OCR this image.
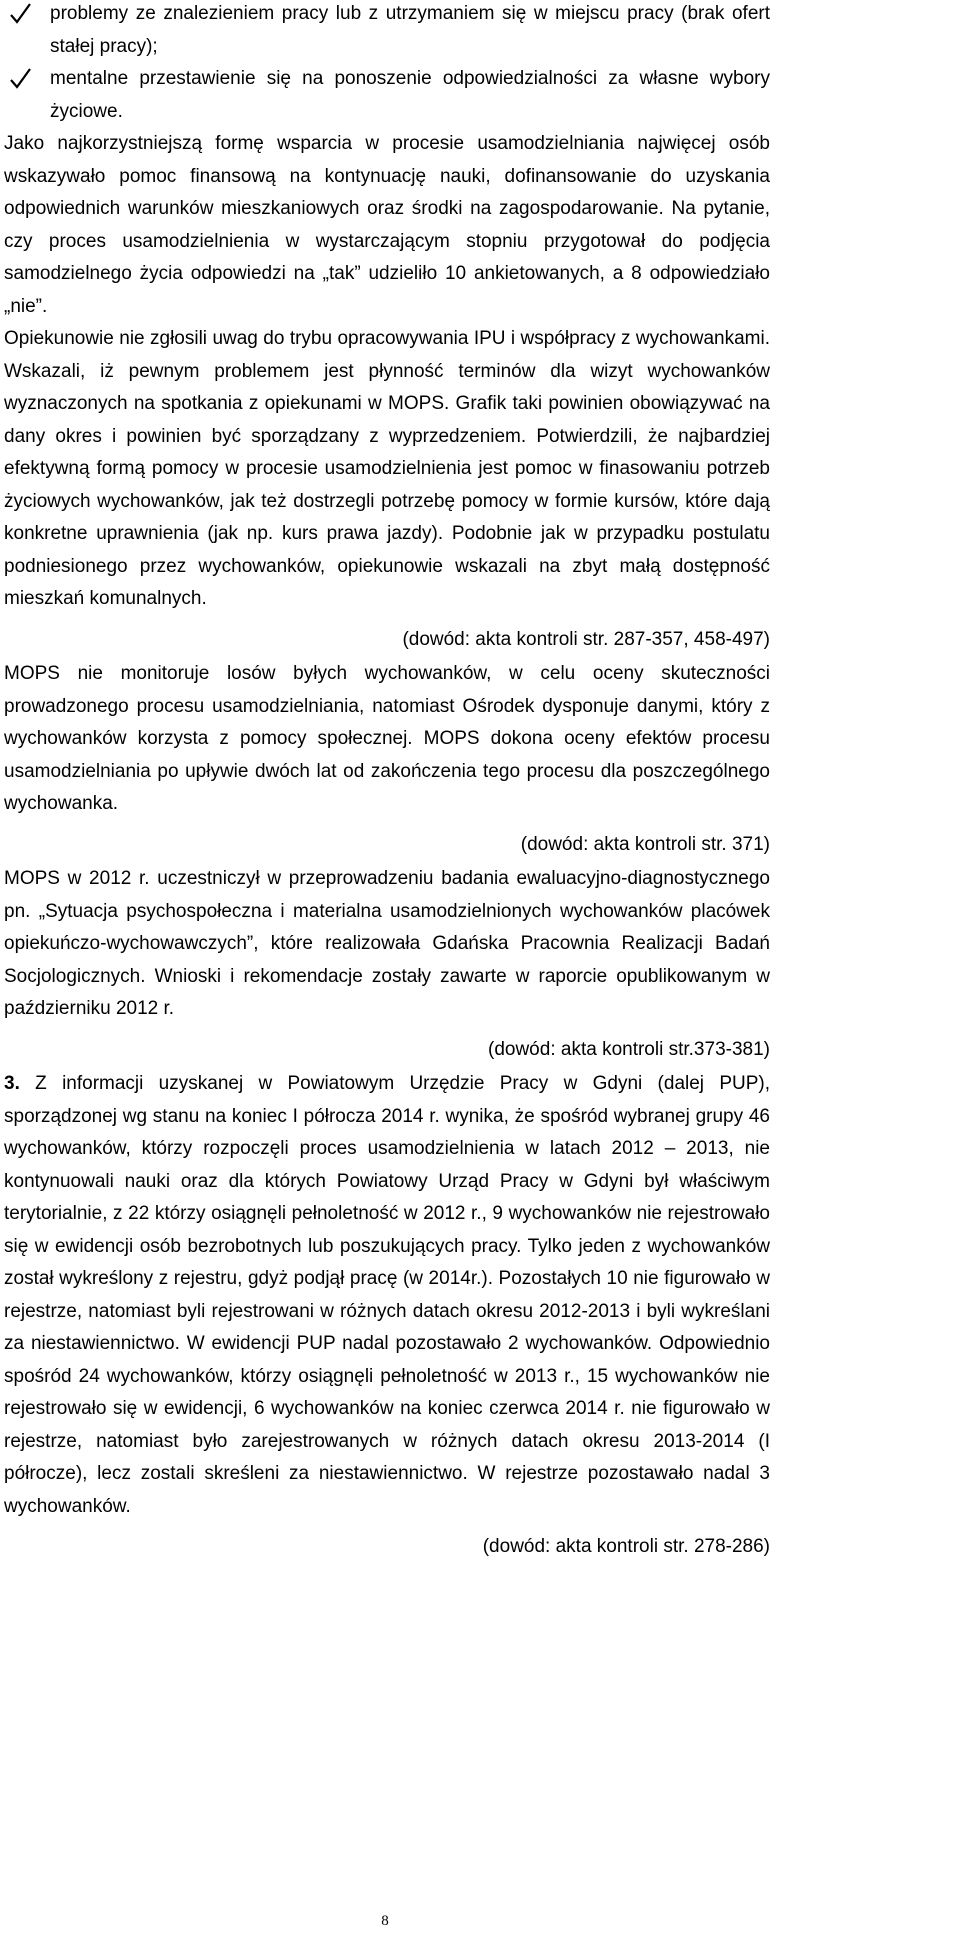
problemy ze znalezieniem pracy lub z utrzymaniem się w miejscu pracy (brak ofert stałej pracy);
mentalne przestawienie się na ponoszenie odpowiedzialności za własne wybory życiowe.

Jako najkorzystniejszą formę wsparcia w procesie usamodzielniania najwięcej osób wskazywało pomoc finansową na kontynuację nauki, dofinansowanie do uzyskania odpowiednich warunków mieszkaniowych oraz środki na zagospodarowanie. Na pytanie, czy proces usamodzielnienia w wystarczającym stopniu przygotował do podjęcia samodzielnego życia odpowiedzi na „tak” udzieliło 10 ankietowanych, a 8 odpowiedziało „nie”.

Opiekunowie nie zgłosili uwag do trybu opracowywania IPU i współpracy z wychowankami. Wskazali, iż pewnym problemem jest płynność terminów dla wizyt wychowanków wyznaczonych na spotkania z opiekunami w MOPS. Grafik taki powinien obowiązywać na dany okres i powinien być sporządzany z wyprzedzeniem. Potwierdzili, że najbardziej efektywną formą pomocy w procesie usamodzielnienia jest pomoc w finasowaniu potrzeb życiowych wychowanków, jak też dostrzegli potrzebę pomocy w formie kursów, które dają konkretne uprawnienia (jak np. kurs prawa jazdy). Podobnie jak w przypadku postulatu podniesionego przez wychowanków, opiekunowie wskazali na zbyt małą dostępność mieszkań komunalnych.

(dowód: akta kontroli str. 287-357, 458-497)

MOPS nie monitoruje losów byłych wychowanków, w celu oceny skuteczności prowadzonego procesu usamodzielniania, natomiast Ośrodek dysponuje danymi, który z wychowanków korzysta z pomocy społecznej. MOPS dokona oceny efektów procesu usamodzielniania po upływie dwóch lat od zakończenia tego procesu dla poszczególnego wychowanka.

(dowód: akta kontroli str. 371)

MOPS w 2012 r. uczestniczył w przeprowadzeniu badania ewaluacyjno-diagnostycznego pn. „Sytuacja psychospołeczna i materialna usamodzielnionych wychowanków placówek opiekuńczo-wychowawczych”, które realizowała Gdańska Pracownia Realizacji Badań Socjologicznych. Wnioski i rekomendacje zostały zawarte w raporcie opublikowanym w październiku 2012 r.

(dowód: akta kontroli str.373-381)

3. Z informacji uzyskanej w Powiatowym Urzędzie Pracy w Gdyni (dalej PUP), sporządzonej wg stanu na koniec I półrocza 2014 r. wynika, że spośród wybranej grupy 46 wychowanków, którzy rozpoczęli proces usamodzielnienia w latach 2012 – 2013, nie kontynuowali nauki oraz dla których Powiatowy Urząd Pracy w Gdyni był właściwym terytorialnie, z 22 którzy osiągnęli pełnoletność w 2012 r., 9 wychowanków nie rejestrowało się w ewidencji osób bezrobotnych lub poszukujących pracy. Tylko jeden z wychowanków został wykreślony z rejestru, gdyż podjął pracę (w 2014r.). Pozostałych 10 nie figurowało w rejestrze, natomiast byli rejestrowani w różnych datach okresu 2012-2013 i byli wykreślani za niestawiennictwo. W ewidencji PUP nadal pozostawało 2 wychowanków. Odpowiednio spośród 24 wychowanków, którzy osiągnęli pełnoletność w 2013 r., 15 wychowanków nie rejestrowało się w ewidencji, 6 wychowanków na koniec czerwca 2014 r. nie figurowało w rejestrze, natomiast było zarejestrowanych w różnych datach okresu 2013-2014 (I półrocze), lecz zostali skreśleni za niestawiennictwo. W rejestrze pozostawało nadal 3 wychowanków.

(dowód: akta kontroli str. 278-286)
8
